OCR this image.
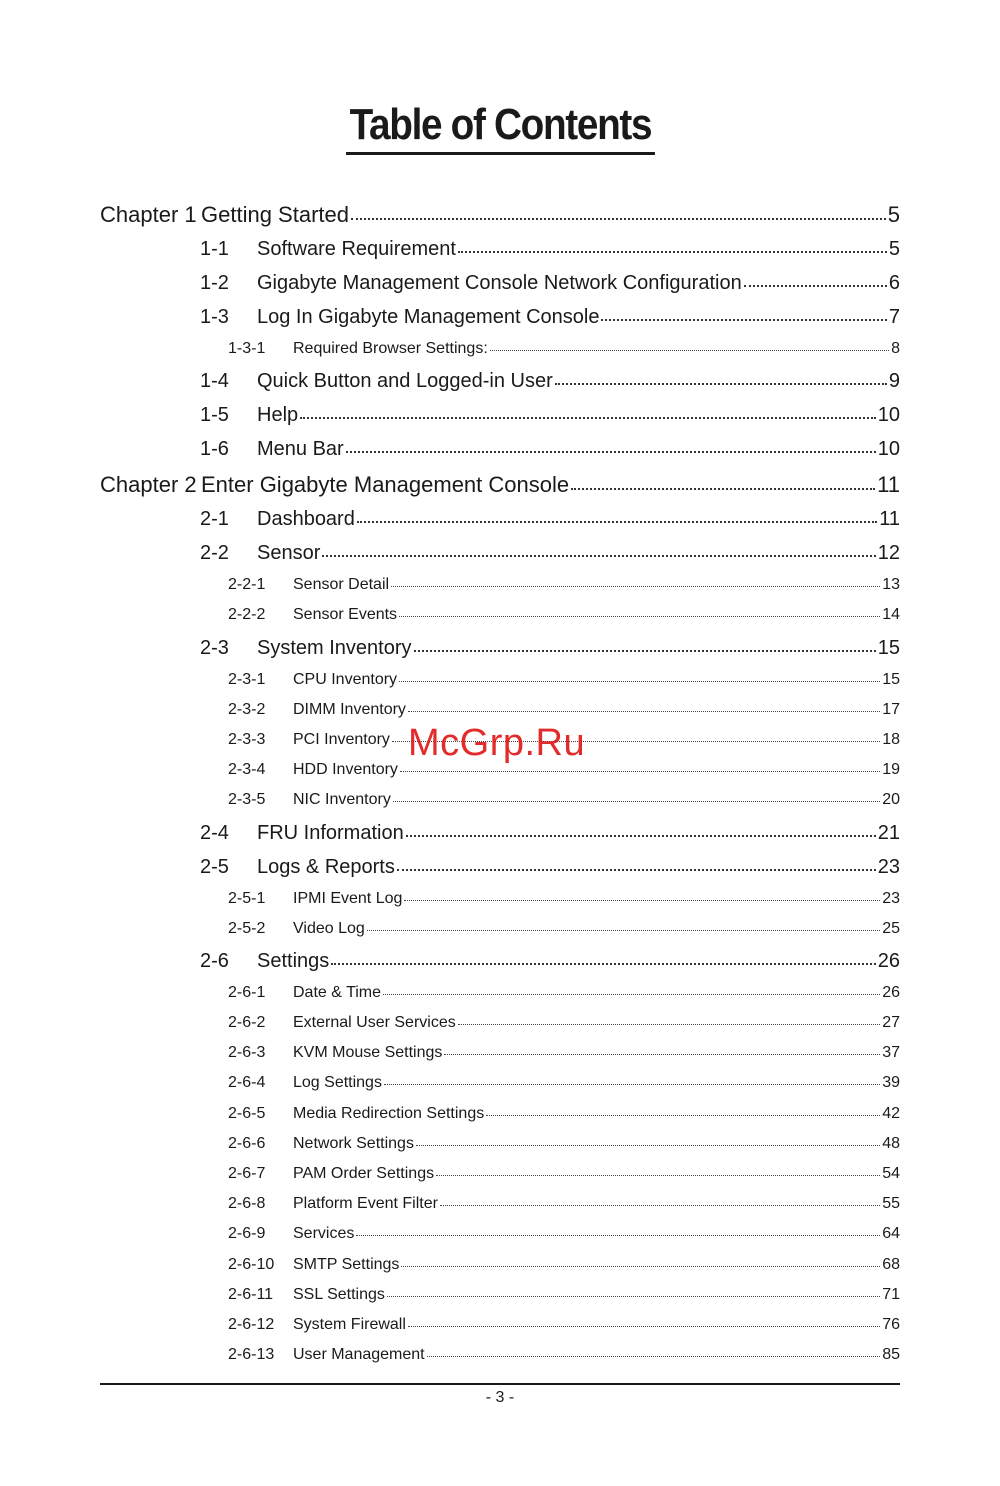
Table of Contents
Chapter 1 Getting Started	5
1-1	Software Requirement	5
1-2	Gigabyte Management Console Network Configuration	6
1-3	Log In Gigabyte Management Console	7
1-3-1	Required Browser Settings:	8
1-4	Quick Button and Logged-in User	9
1-5	Help	10
1-6	Menu Bar	10
Chapter 2 Enter Gigabyte Management Console	11
2-1	Dashboard	11
2-2	Sensor	12
2-2-1	Sensor Detail	13
2-2-2	Sensor Events	14
2-3	System Inventory	15
2-3-1	CPU Inventory	15
2-3-2	DIMM Inventory	17
2-3-3	PCI Inventory	18
2-3-4	HDD Inventory	19
2-3-5	NIC Inventory	20
2-4	FRU Information	21
2-5	Logs & Reports	23
2-5-1	IPMI Event Log	23
2-5-2	Video Log	25
2-6	Settings	26
2-6-1	Date & Time	26
2-6-2	External User Services	27
2-6-3	KVM Mouse Settings	37
2-6-4	Log Settings	39
2-6-5	Media Redirection Settings	42
2-6-6	Network Settings	48
2-6-7	PAM Order Settings	54
2-6-8	Platform Event Filter	55
2-6-9	Services	64
2-6-10	SMTP Settings	68
2-6-11	SSL Settings	71
2-6-12	System Firewall	76
2-6-13	User Management	85
McGrp.Ru
- 3 -
